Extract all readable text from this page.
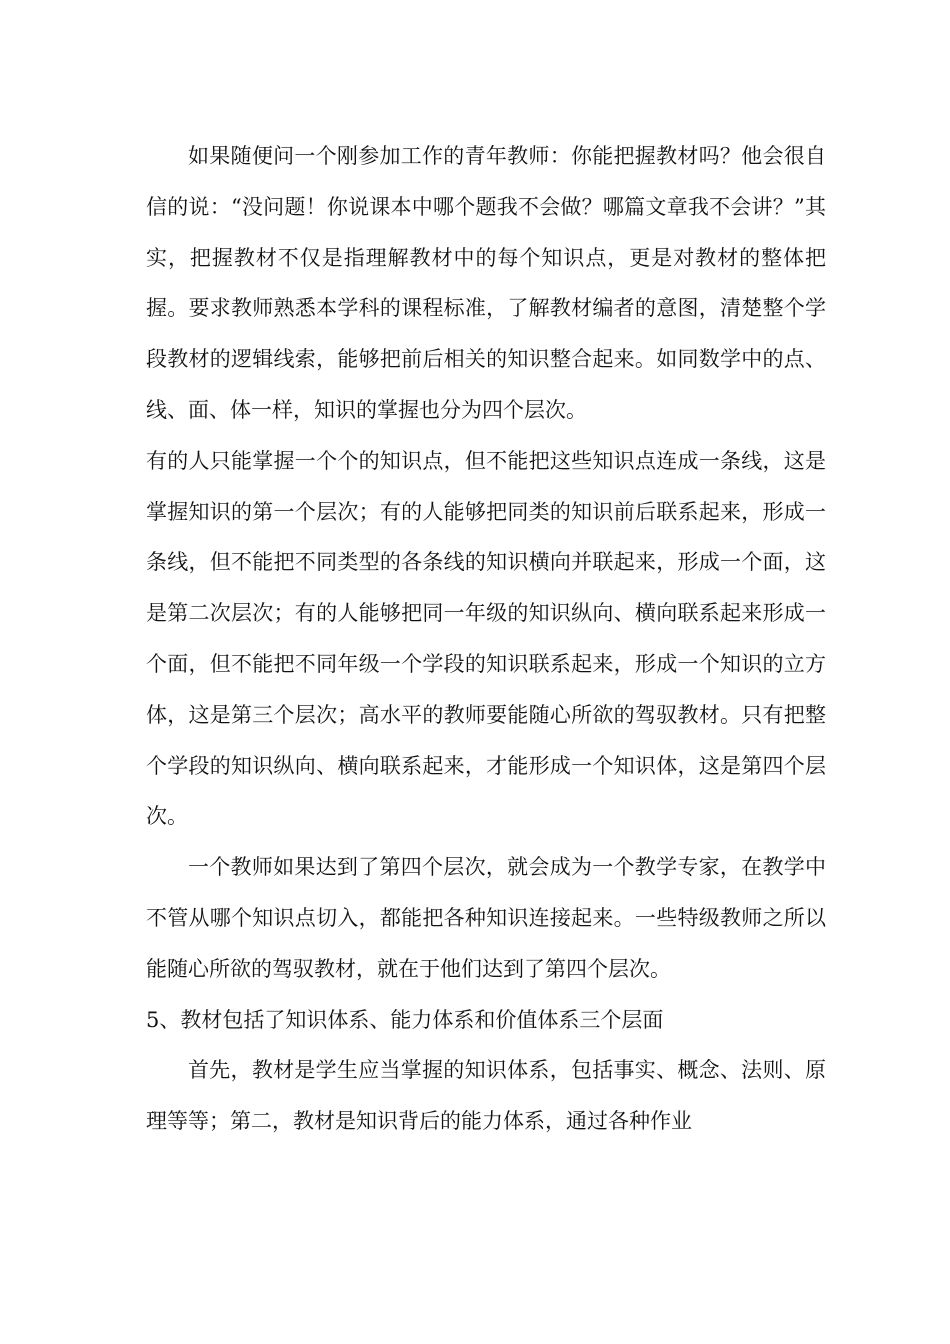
如果随便问一个刚参加工作的青年教师：你能把握教材吗？他会很自信的说：“没问题！你说课本中哪个题我不会做？哪篇文章我不会讲？”其实，把握教材不仅是指理解教材中的每个知识点，更是对教材的整体把握。要求教师熟悉本学科的课程标准，了解教材编者的意图，清楚整个学段教材的逻辑线索，能够把前后相关的知识整合起来。如同数学中的点、线、面、体一样，知识的掌握也分为四个层次。

有的人只能掌握一个个的知识点，但不能把这些知识点连成一条线，这是掌握知识的第一个层次；有的人能够把同类的知识前后联系起来，形成一条线，但不能把不同类型的各条线的知识横向并联起来，形成一个面，这是第二次层次；有的人能够把同一年级的知识纵向、横向联系起来形成一个面，但不能把不同年级一个学段的知识联系起来，形成一个知识的立方体，这是第三个层次；高水平的教师要能随心所欲的驾驭教材。只有把整个学段的知识纵向、横向联系起来，才能形成一个知识体，这是第四个层次。

一个教师如果达到了第四个层次，就会成为一个教学专家，在教学中不管从哪个知识点切入，都能把各种知识连接起来。一些特级教师之所以能随心所欲的驾驭教材，就在于他们达到了第四个层次。

5、教材包括了知识体系、能力体系和价值体系三个层面

首先，教材是学生应当掌握的知识体系，包括事实、概念、法则、原理等等；第二，教材是知识背后的能力体系，通过各种作业
